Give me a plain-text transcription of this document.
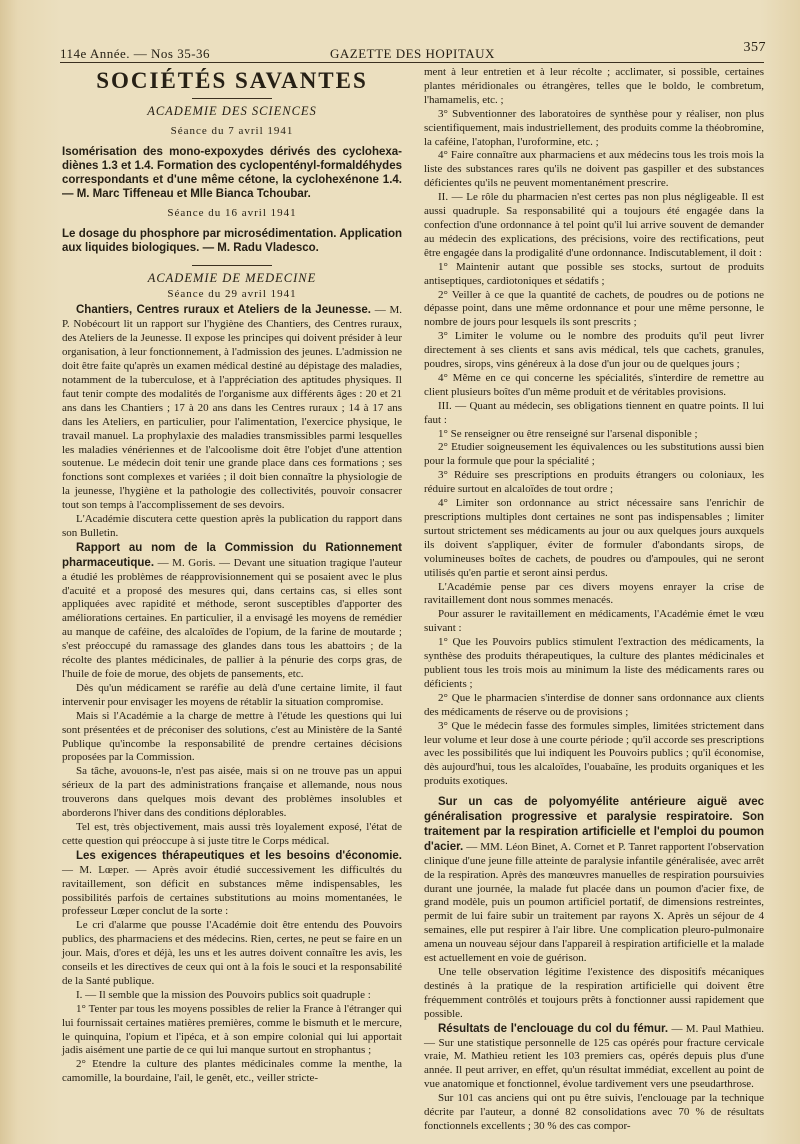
114e Année. — Nos 35-36	GAZETTE DES HOPITAUX	357
SOCIÉTÉS SAVANTES
ACADEMIE DES SCIENCES
Séance du 7 avril 1941

Isomérisation des mono-expoxydes dérivés des cyclohexa-diènes 1.3 et 1.4. Formation des cyclopentényl-formaldéhydes correspondants et d'une même cétone, la cyclohexénone 1.4. — M. Marc Tiffeneau et Mlle Bianca Tchoubar.

Séance du 16 avril 1941

Le dosage du phosphore par microsédimentation. Application aux liquides biologiques. — M. Radu Vladesco.

ACADEMIE DE MEDECINE
Séance du 29 avril 1941

Chantiers, Centres ruraux et Ateliers de la Jeunesse. — M. P. Nobécourt lit un rapport sur l'hygiène des Chantiers, des Centres ruraux, des Ateliers de la Jeunesse. Il expose les principes qui doivent présider à leur organisation, à leur fonctionnement, à l'admission des jeunes. L'admission ne doit être faite qu'après un examen médical destiné au dépistage des maladies, notamment de la tuberculose, et à l'appréciation des aptitudes physiques. Il faut tenir compte des modalités de l'organisme aux différents âges : 20 et 21 ans dans les Chantiers ; 17 à 20 ans dans les Centres ruraux ; 14 à 17 ans dans les Ateliers, en particulier, pour l'alimentation, l'exercice physique, le travail manuel. La prophylaxie des maladies transmissibles parmi lesquelles les maladies vénériennes et de l'alcoolisme doit être l'objet d'une attention soutenue. Le médecin doit tenir une grande place dans ces formations ; ses fonctions sont complexes et variées ; il doit bien connaître la physiologie de la jeunesse, l'hygiène et la pathologie des collectivités, pouvoir consacrer tout son temps à l'accomplissement de ses devoirs.

L'Académie discutera cette question après la publication du rapport dans son Bulletin.

Rapport au nom de la Commission du Rationnement pharmaceutique. — M. Goris. — Devant une situation tragique l'auteur a étudié les problèmes de réapprovisionnement qui se posaient avec le plus d'acuité et a proposé des mesures qui, dans certains cas, si elles sont appliquées avec rapidité et méthode, seront susceptibles d'apporter des améliorations certaines. En particulier, il a envisagé les moyens de remédier au manque de caféine, des alcaloïdes de l'opium, de la farine de moutarde ; s'est préoccupé du ramassage des glandes dans tous les abattoirs ; de la récolte des plantes médicinales, de pallier à la pénurie des corps gras, de l'huile de foie de morue, des objets de pansements, etc.

Dès qu'un médicament se raréfie au delà d'une certaine limite, il faut intervenir pour envisager les moyens de rétablir la situation compromise.

Mais si l'Académie a la charge de mettre à l'étude les questions qui lui sont présentées et de préconiser des solutions, c'est au Ministère de la Santé Publique qu'incombe la responsabilité de prendre certaines décisions proposées par la Commission.

Sa tâche, avouons-le, n'est pas aisée, mais si on ne trouve pas un appui sérieux de la part des administrations française et allemande, nous nous trouverons dans quelques mois devant des problèmes insolubles et aborderons l'hiver dans des conditions déplorables.

Tel est, très objectivement, mais aussi très loyalement exposé, l'état de cette question qui préoccupe à si juste titre le Corps médical.

Les exigences thérapeutiques et les besoins d'économie. — M. Lœper. — Après avoir étudié successivement les difficultés du ravitaillement, son déficit en substances même indispensables, les possibilités parfois de certaines substitutions au moins momentanées, le professeur Lœper conclut de la sorte :

Le cri d'alarme que pousse l'Académie doit être entendu des Pouvoirs publics, des pharmaciens et des médecins. Rien, certes, ne peut se faire en un jour. Mais, d'ores et déjà, les uns et les autres doivent connaître les avis, les conseils et les directives de ceux qui ont à la fois le souci et la responsabilité de la Santé publique.

I. — Il semble que la mission des Pouvoirs publics soit quadruple :

1° Tenter par tous les moyens possibles de relier la France à l'étranger qui lui fournissait certaines matières premières, comme le bismuth et le mercure, le quinquina, l'opium et l'ipéca, et à son empire colonial qui lui apportait jadis aisément une partie de ce qui lui manque surtout en strophantus ;

2° Etendre la culture des plantes médicinales comme la menthe, la camomille, la bourdaine, l'ail, le genêt, etc., veiller stricte-

ment à leur entretien et à leur récolte ; acclimater, si possible, certaines plantes méridionales ou étrangères, telles que le boldo, le combretum, l'hamamelis, etc. ;

3° Subventionner des laboratoires de synthèse pour y réaliser, non plus scientifiquement, mais industriellement, des produits comme la théobromine, la caféine, l'atophan, l'uroformine, etc. ;

4° Faire connaître aux pharmaciens et aux médecins tous les trois mois la liste des substances rares qu'ils ne doivent pas gaspiller et des substances déficientes qu'ils ne peuvent momentanément prescrire.

II. — Le rôle du pharmacien n'est certes pas non plus négligeable. Il est aussi quadruple. Sa responsabilité qui a toujours été engagée dans la confection d'une ordonnance à tel point qu'il lui arrive souvent de demander au médecin des explications, des précisions, voire des rectifications, peut être engagée dans la prodigalité d'une ordonnance. Indiscutablement, il doit :

1° Maintenir autant que possible ses stocks, surtout de produits antiseptiques, cardiotoniques et sédatifs ;

2° Veiller à ce que la quantité de cachets, de poudres ou de potions ne dépasse point, dans une même ordonnance et pour une même personne, le nombre de jours pour lesquels ils sont prescrits ;

3° Limiter le volume ou le nombre des produits qu'il peut livrer directement à ses clients et sans avis médical, tels que cachets, granules, poudres, sirops, vins généreux à la dose d'un jour ou de quelques jours ;

4° Même en ce qui concerne les spécialités, s'interdire de remettre au client plusieurs boîtes d'un même produit et de véritables provisions.

III. — Quant au médecin, ses obligations tiennent en quatre points. Il lui faut :

1° Se renseigner ou être renseigné sur l'arsenal disponible ;

2° Etudier soigneusement les équivalences ou les substitutions aussi bien pour la formule que pour la spécialité ;

3° Réduire ses prescriptions en produits étrangers ou coloniaux, les réduire surtout en alcaloïdes de tout ordre ;

4° Limiter son ordonnance au strict nécessaire sans l'enrichir de prescriptions multiples dont certaines ne sont pas indispensables ; limiter surtout strictement ses médicaments au jour ou aux quelques jours auxquels ils doivent s'appliquer, éviter de formuler d'abondants sirops, de volumineuses boîtes de cachets, de poudres ou d'ampoules, qui ne seront utilisés qu'en partie et seront ainsi perdus.

L'Académie pense par ces divers moyens enrayer la crise de ravitaillement dont nous sommes menacés.

Pour assurer le ravitaillement en médicaments, l'Académie émet le vœu suivant :

1° Que les Pouvoirs publics stimulent l'extraction des médicaments, la synthèse des produits thérapeutiques, la culture des plantes médicinales et publient tous les trois mois au minimum la liste des médicaments rares ou déficients ;

2° Que le pharmacien s'interdise de donner sans ordonnance aux clients des médicaments de réserve ou de provisions ;

3° Que le médecin fasse des formules simples, limitées strictement dans leur volume et leur dose à une courte période ; qu'il accorde ses prescriptions avec les possibilités que lui indiquent les Pouvoirs publics ; qu'il économise, dès aujourd'hui, tous les alcaloïdes, l'ouabaïne, les produits organiques et les produits exotiques.

Sur un cas de polyomyélite antérieure aiguë avec généralisation progressive et paralysie respiratoire. Son traitement par la respiration artificielle et l'emploi du poumon d'acier. — MM. Léon Binet, A. Cornet et P. Tanret rapportent l'observation clinique d'une jeune fille atteinte de paralysie infantile généralisée, avec arrêt de la respiration. Après des manœuvres manuelles de respiration poursuivies durant une journée, la malade fut placée dans un poumon d'acier fixe, de grand modèle, puis un poumon artificiel portatif, de dimensions restreintes, permit de lui faire subir un traitement par rayons X. Après un séjour de 4 semaines, elle put respirer à l'air libre. Une complication pleuro-pulmonaire amena un nouveau séjour dans l'appareil à respiration artificielle et la malade est actuellement en voie de guérison.

Une telle observation légitime l'existence des dispositifs mécaniques destinés à la pratique de la respiration artificielle qui doivent être fréquemment contrôlés et toujours prêts à fonctionner aussi rapidement que possible.

Résultats de l'enclouage du col du fémur. — M. Paul Mathieu. — Sur une statistique personnelle de 125 cas opérés pour fracture cervicale vraie, M. Mathieu retient les 103 premiers cas, opérés depuis plus d'une année. Il peut arriver, en effet, qu'un résultat immédiat, excellent au point de vue anatomique et fonctionnel, évolue tardivement vers une pseudarthrose.

Sur 101 cas anciens qui ont pu être suivis, l'enclouage par la technique décrite par l'auteur, a donné 82 consolidations avec 70 % de résultats fonctionnels excellents ; 30 % des cas compor-
